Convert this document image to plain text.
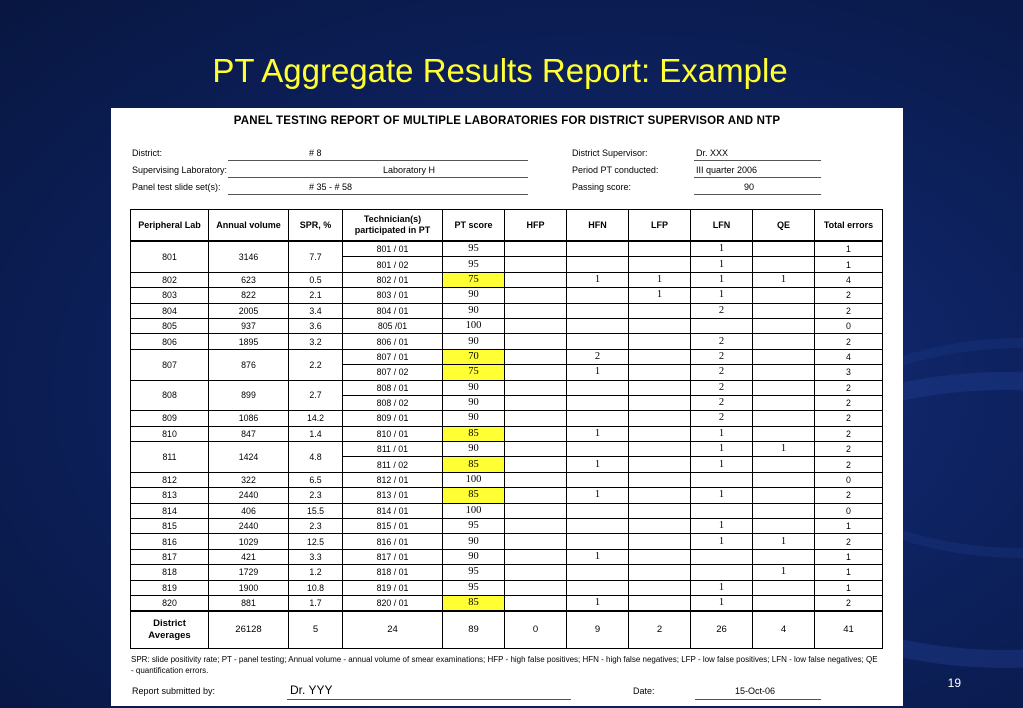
PT Aggregate Results Report: Example
PANEL TESTING REPORT OF MULTIPLE LABORATORIES FOR DISTRICT SUPERVISOR AND NTP
District:	# 8
Supervising Laboratory:	Laboratory H
Panel test slide set(s):	# 35 - # 58
District Supervisor:	Dr. XXX
Period PT conducted:	III quarter 2006
Passing score:	90
Peripheral Lab	Annual volume	SPR, %	Technician(s) participated in PT	PT score	HFP	HFN	LFP	LFN	QE	Total errors
801	3146	7.7	801 / 01	95				1		1
			801 / 02	95				1		1
802	623	0.5	802 / 01	75		1	1	1	1	4
803	822	2.1	803 / 01	90			1	1		2
804	2005	3.4	804 / 01	90				2		2
805	937	3.6	805 /01	100						0
806	1895	3.2	806 / 01	90				2		2
807	876	2.2	807 / 01	70		2		2		4
			807 / 02	75		1		2		3
808	899	2.7	808 / 01	90				2		2
			808 / 02	90				2		2
809	1086	14.2	809 / 01	90				2		2
810	847	1.4	810 / 01	85		1		1		2
811	1424	4.8	811 / 01	90				1	1	2
			811 / 02	85		1		1		2
812	322	6.5	812 / 01	100						0
813	2440	2.3	813 / 01	85		1		1		2
814	406	15.5	814 / 01	100						0
815	2440	2.3	815 / 01	95				1		1
816	1029	12.5	816 / 01	90				1	1	2
817	421	3.3	817 / 01	90		1				1
818	1729	1.2	818 / 01	95					1	1
819	1900	10.8	819 / 01	95				1		1
820	881	1.7	820 / 01	85		1		1		2
District Averages	26128	5	24	89	0	9	2	26	4	41
SPR: slide positivity rate; PT - panel testing; Annual volume - annual volume of smear examinations; HFP - high false positives; HFN - high false negatives; LFP - low false positives; LFN - low false negatives; QE - quantification errors.
Report submitted by:	Dr. YYY	Date:	15-Oct-06
19
